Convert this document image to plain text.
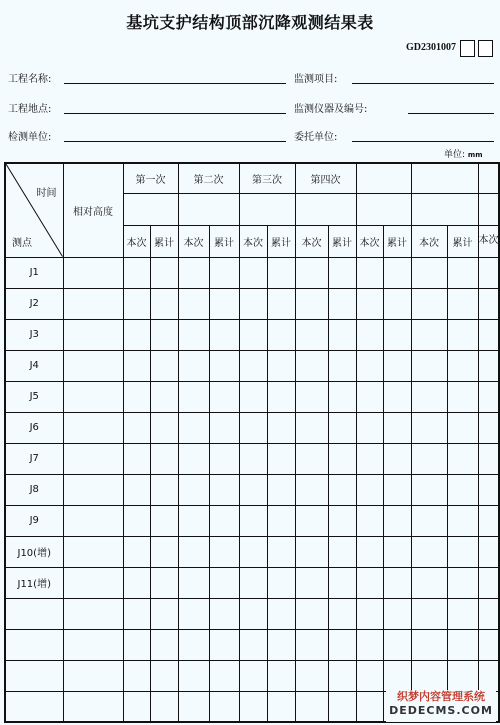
基坑支护结构顶部沉降观测结果表
GD2301007
工程名称:	监测项目:
工程地点:	监测仪器及编号:
检测单位:	委托单位:
单位: mm
时间
测点	相对高度	第一次		第二次		第三次		第四次						

		本次	累计	本次	累计	本次	累计	本次	累计	本次	累计	本次	累计	本次
J1														
J2														
J3														
J4														
J5														
J6														
J7														
J8														
J9														
J10(增)														
J11(增)														

织梦内容管理系统
DEDECMS.COM
